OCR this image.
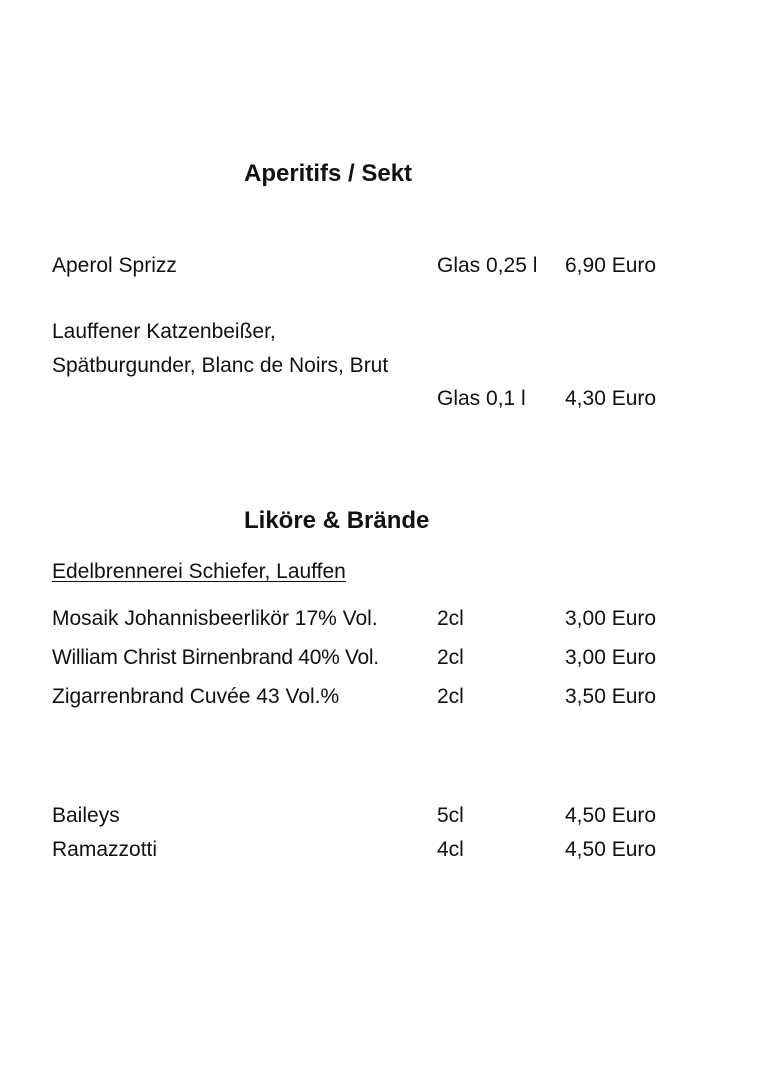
Aperitifs / Sekt
Aperol Sprizz	Glas 0,25 l 6,90 Euro
Lauffener Katzenbeißer,
Spätburgunder, Blanc de Noirs, Brut
Glas 0,1 l 4,30 Euro
Liköre & Brände
Edelbrennerei Schiefer, Lauffen
Mosaik Johannisbeerlikör 17% Vol.	2cl	3,00 Euro
William Christ Birnenbrand 40% Vol.	2cl	3,00 Euro
Zigarrenbrand Cuvée 43 Vol.%	2cl	3,50 Euro
Baileys	5cl	4,50 Euro
Ramazzotti	4cl	4,50 Euro
